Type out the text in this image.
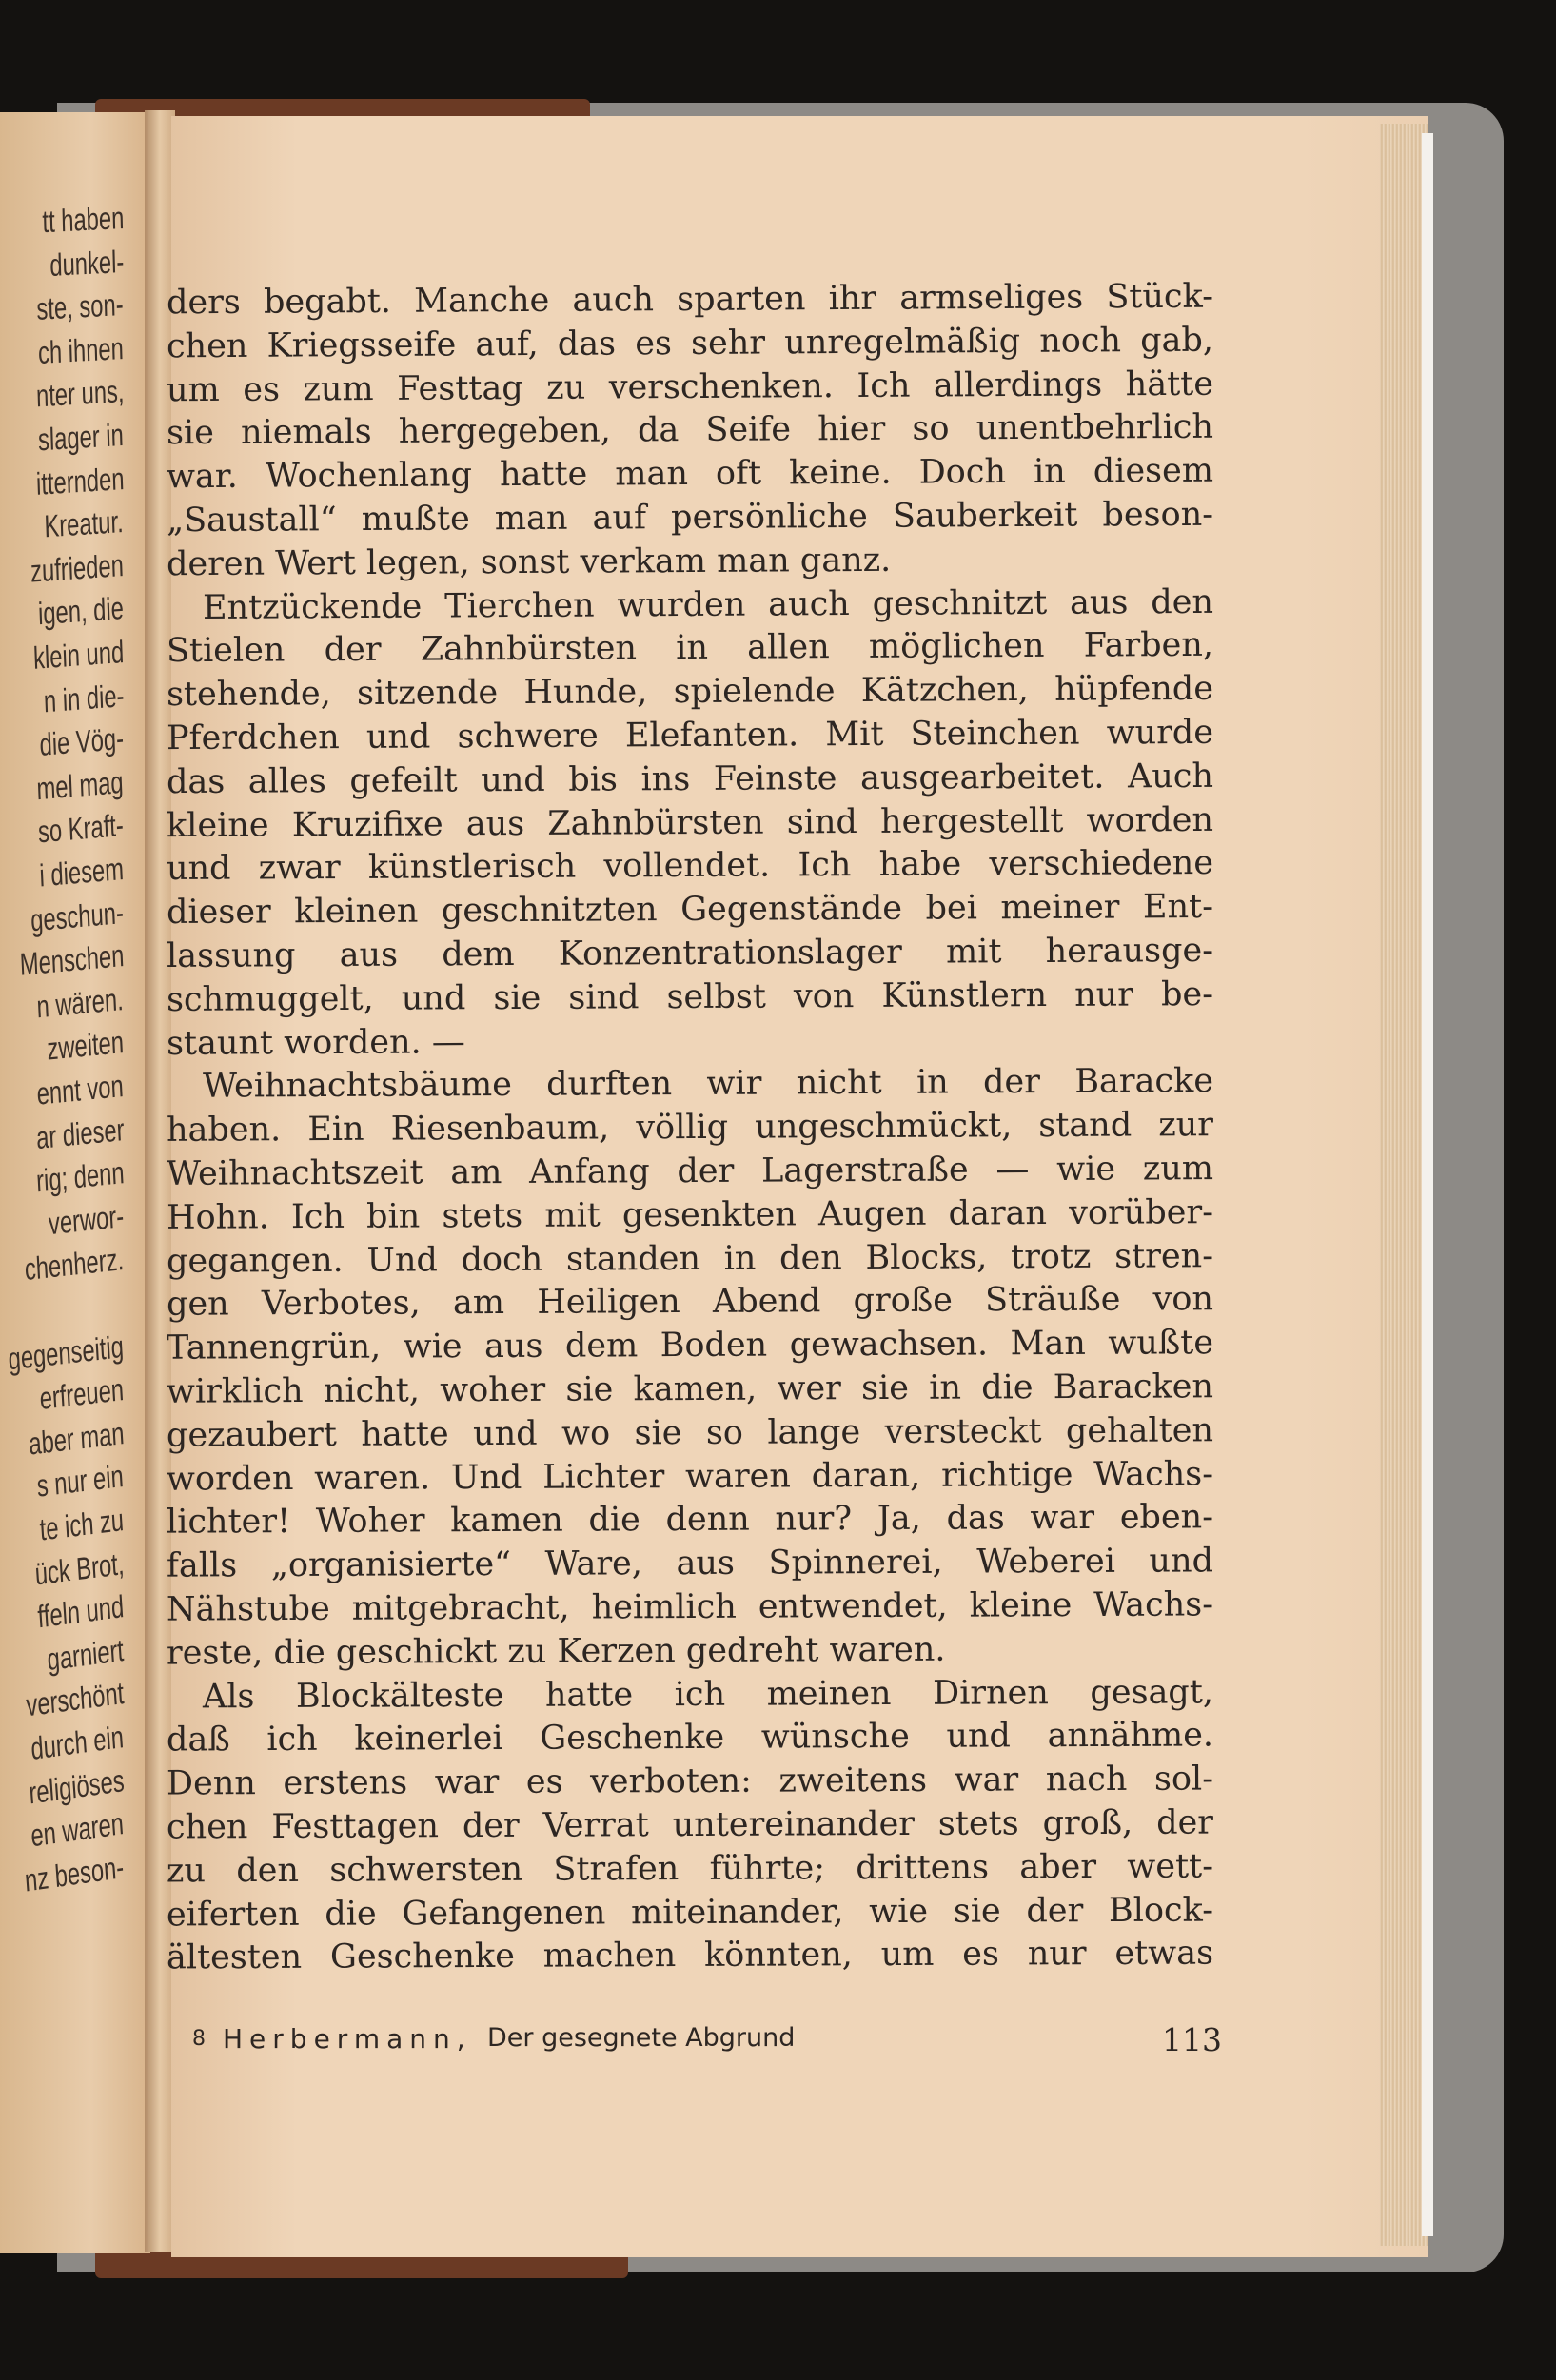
tt haben
dunkel-
ste, son-
ch ihnen
nter uns,
slager in
itternden
Kreatur.
zufrieden
igen, die
klein und
n in die-
die Vög-
mel mag
so Kraft-
i diesem
geschun-
Menschen
n wären.
zweiten
ennt von
ar dieser
rig; denn
verwor-
chenherz.
gegenseitig
erfreuen
aber man
s nur ein
te ich zu
ück Brot,
ffeln und
garniert
verschönt
durch ein
religiöses
en waren
nz beson-
ders begabt. Manche auch sparten ihr armseliges Stück-
chen Kriegsseife auf, das es sehr unregelmäßig noch gab,
um es zum Festtag zu verschenken. Ich allerdings hätte
sie niemals hergegeben, da Seife hier so unentbehrlich
war. Wochenlang hatte man oft keine. Doch in diesem
„Saustall“ mußte man auf persönliche Sauberkeit beson-
deren Wert legen, sonst verkam man ganz.
Entzückende Tierchen wurden auch geschnitzt aus den
Stielen der Zahnbürsten in allen möglichen Farben,
stehende, sitzende Hunde, spielende Kätzchen, hüpfende
Pferdchen und schwere Elefanten. Mit Steinchen wurde
das alles gefeilt und bis ins Feinste ausgearbeitet. Auch
kleine Kruzifixe aus Zahnbürsten sind hergestellt worden
und zwar künstlerisch vollendet. Ich habe verschiedene
dieser kleinen geschnitzten Gegenstände bei meiner Ent-
lassung aus dem Konzentrationslager mit herausge-
schmuggelt, und sie sind selbst von Künstlern nur be-
staunt worden. —
Weihnachtsbäume durften wir nicht in der Baracke
haben. Ein Riesenbaum, völlig ungeschmückt, stand zur
Weihnachtszeit am Anfang der Lagerstraße — wie zum
Hohn. Ich bin stets mit gesenkten Augen daran vorüber-
gegangen. Und doch standen in den Blocks, trotz stren-
gen Verbotes, am Heiligen Abend große Sträuße von
Tannengrün, wie aus dem Boden gewachsen. Man wußte
wirklich nicht, woher sie kamen, wer sie in die Baracken
gezaubert hatte und wo sie so lange versteckt gehalten
worden waren. Und Lichter waren daran, richtige Wachs-
lichter! Woher kamen die denn nur? Ja, das war eben-
falls „organisierte“ Ware, aus Spinnerei, Weberei und
Nähstube mitgebracht, heimlich entwendet, kleine Wachs-
reste, die geschickt zu Kerzen gedreht waren.
Als Blockälteste hatte ich meinen Dirnen gesagt,
daß ich keinerlei Geschenke wünsche und annähme.
Denn erstens war es verboten: zweitens war nach sol-
chen Festtagen der Verrat untereinander stets groß, der
zu den schwersten Strafen führte; drittens aber wett-
eiferten die Gefangenen miteinander, wie sie der Block-
ältesten Geschenke machen könnten, um es nur etwas
8 Herbermann, Der gesegnete Abgrund	113
